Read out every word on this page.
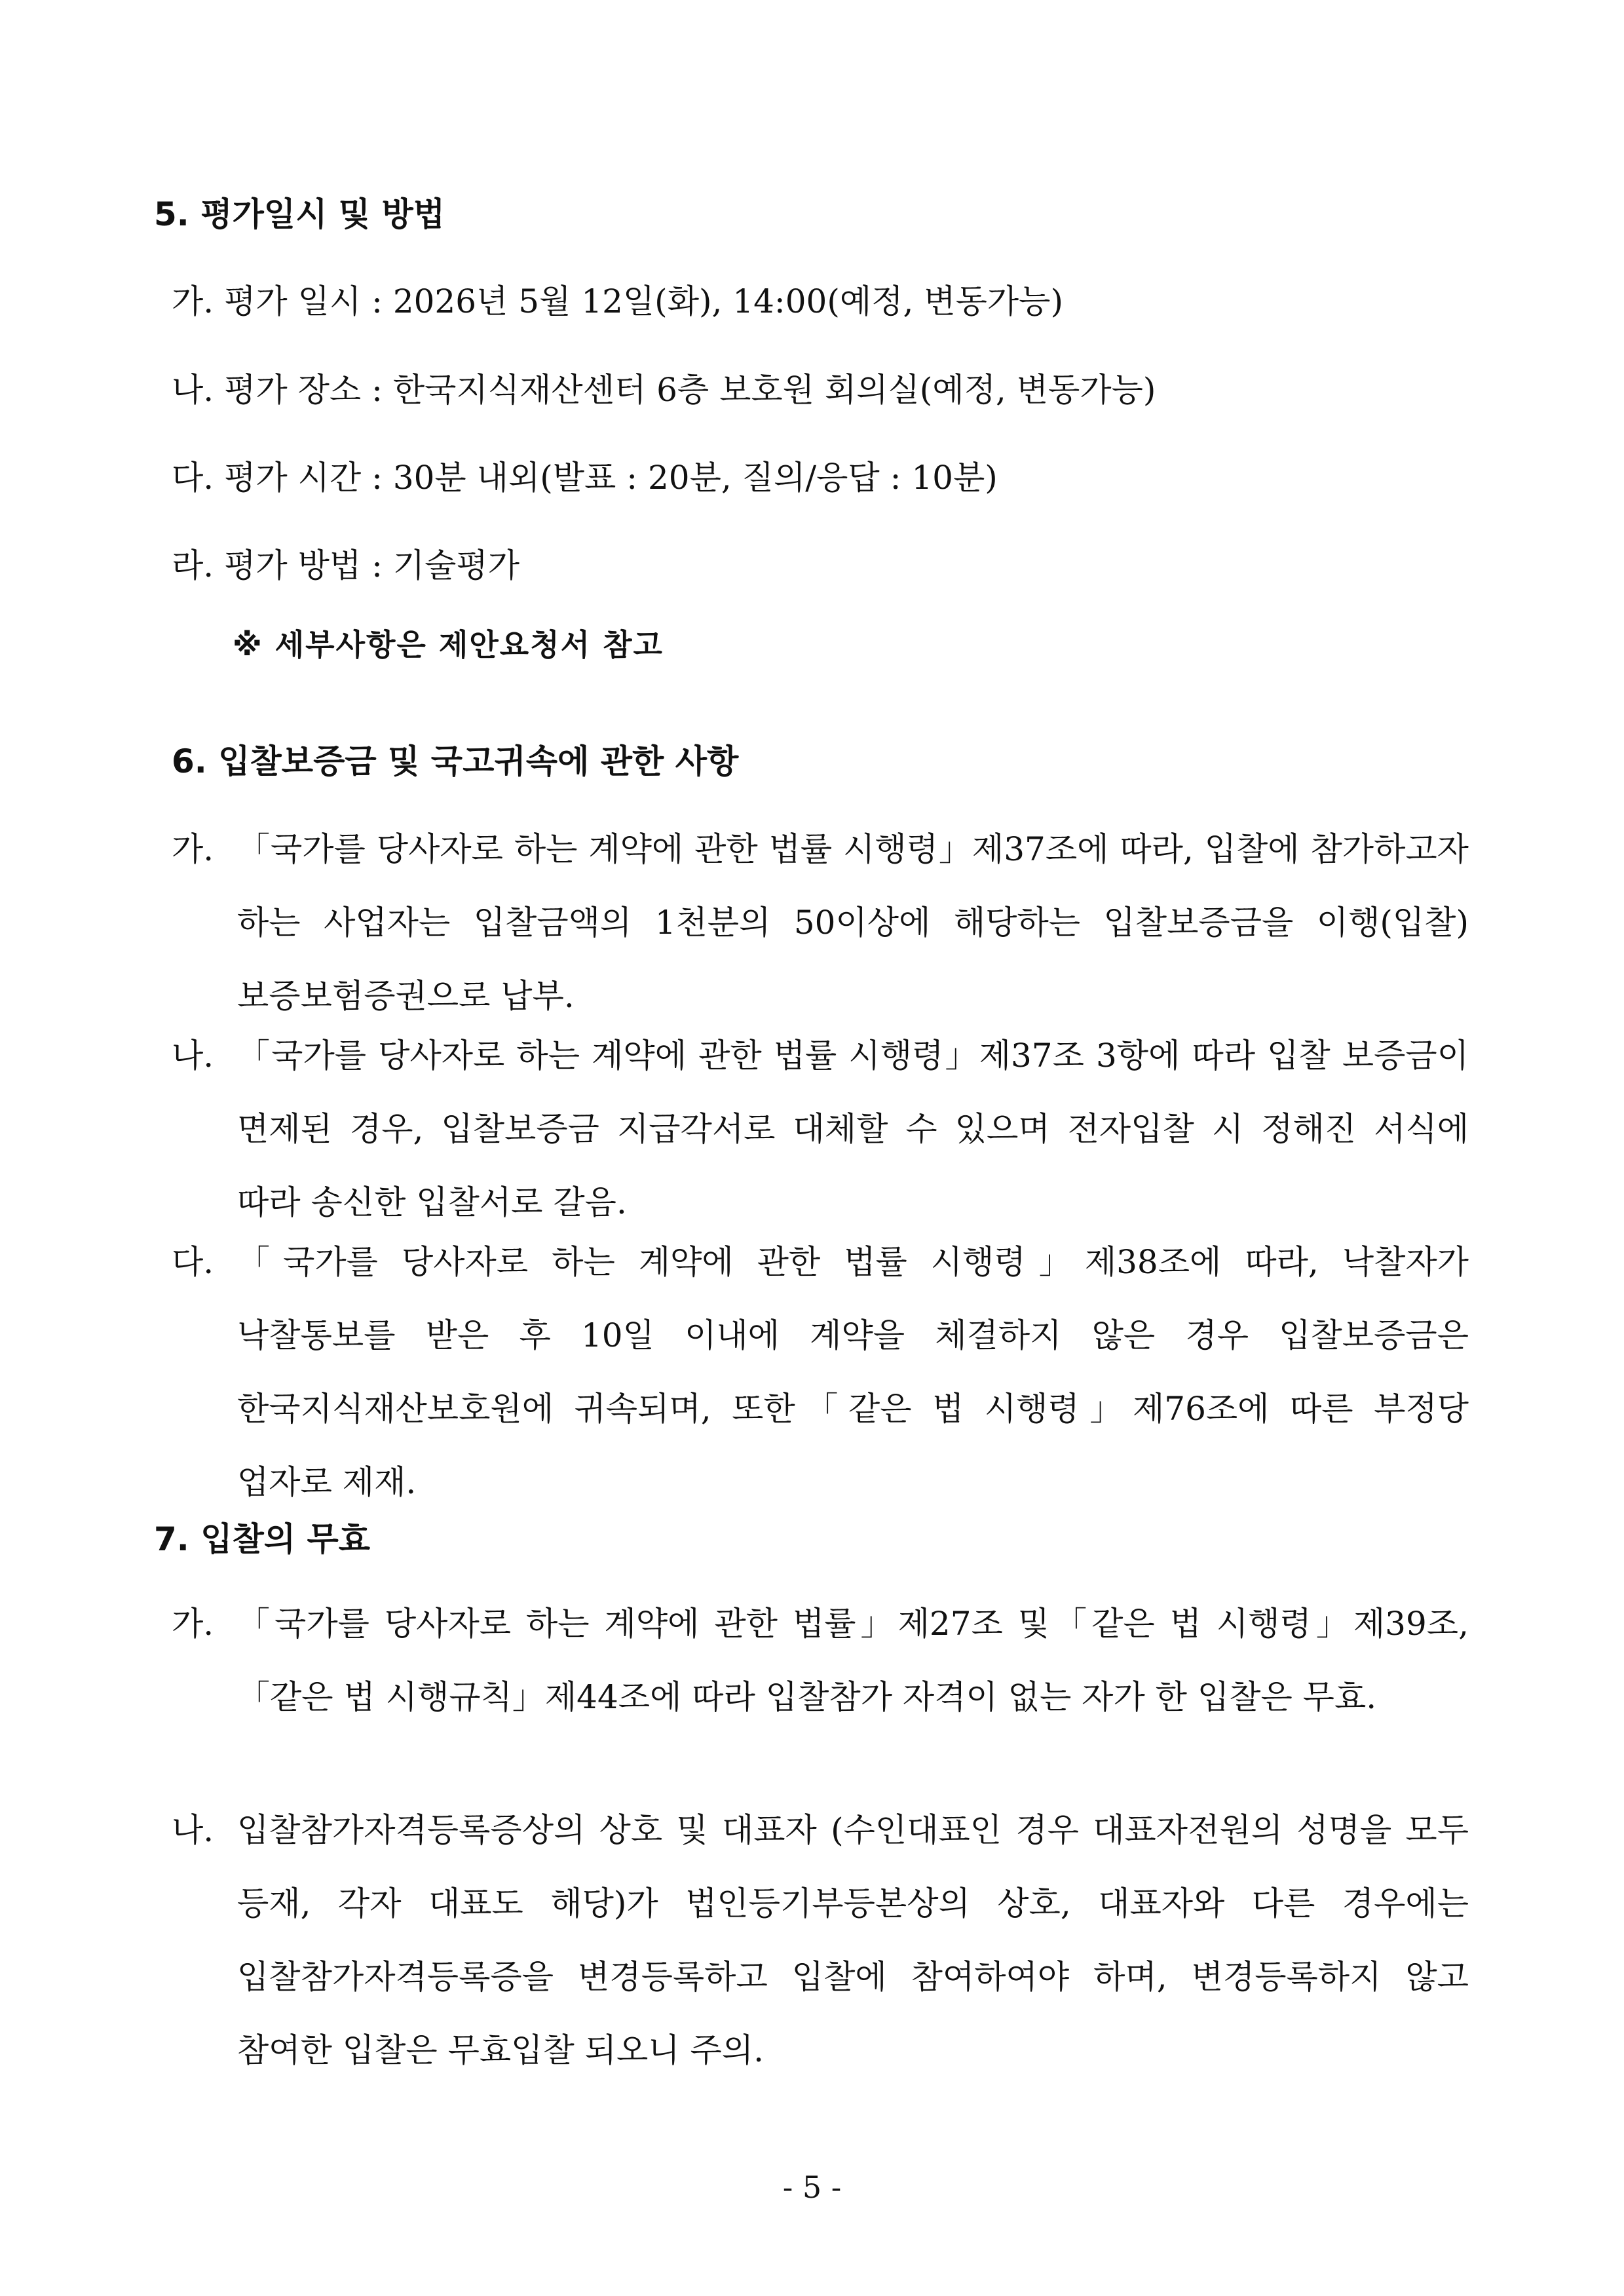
5. 평가일시 및 방법
가. 평가 일시 : 2026년 5월 12일(화), 14:00(예정, 변동가능)
나. 평가 장소 : 한국지식재산센터 6층 보호원 회의실(예정, 변동가능)
다. 평가 시간 : 30분 내외(발표 : 20분, 질의/응답 : 10분)
라. 평가 방법 : 기술평가
※ 세부사항은 제안요청서 참고
6. 입찰보증금 및 국고귀속에 관한 사항
가. 「국가를 당사자로 하는 계약에 관한 법률 시행령」제37조에 따라, 입찰에 참가하고자 하는 사업자는 입찰금액의 1천분의 50이상에 해당하는 입찰보증금을 이행(입찰)보증보험증권으로 납부.
나. 「국가를 당사자로 하는 계약에 관한 법률 시행령」제37조 3항에 따라 입찰 보증금이 면제된 경우, 입찰보증금 지급각서로 대체할 수 있으며 전자입찰 시 정해진 서식에 따라 송신한 입찰서로 갈음.
다. 「국가를 당사자로 하는 계약에 관한 법률 시행령」제38조에 따라, 낙찰자가 낙찰통보를 받은 후 10일 이내에 계약을 체결하지 않은 경우 입찰보증금은 한국지식재산보호원에 귀속되며, 또한「같은 법 시행령」제76조에 따른 부정당 업자로 제재.
7. 입찰의 무효
가. 「국가를 당사자로 하는 계약에 관한 법률」제27조 및「같은 법 시행령」제39조,「같은 법 시행규칙」제44조에 따라 입찰참가 자격이 없는 자가 한 입찰은 무효.
나. 입찰참가자격등록증상의 상호 및 대표자 (수인대표인 경우 대표자전원의 성명을 모두 등재, 각자 대표도 해당)가 법인등기부등본상의 상호, 대표자와 다른 경우에는 입찰참가자격등록증을 변경등록하고 입찰에 참여하여야 하며, 변경등록하지 않고 참여한 입찰은 무효입찰 되오니 주의.
- 5 -
